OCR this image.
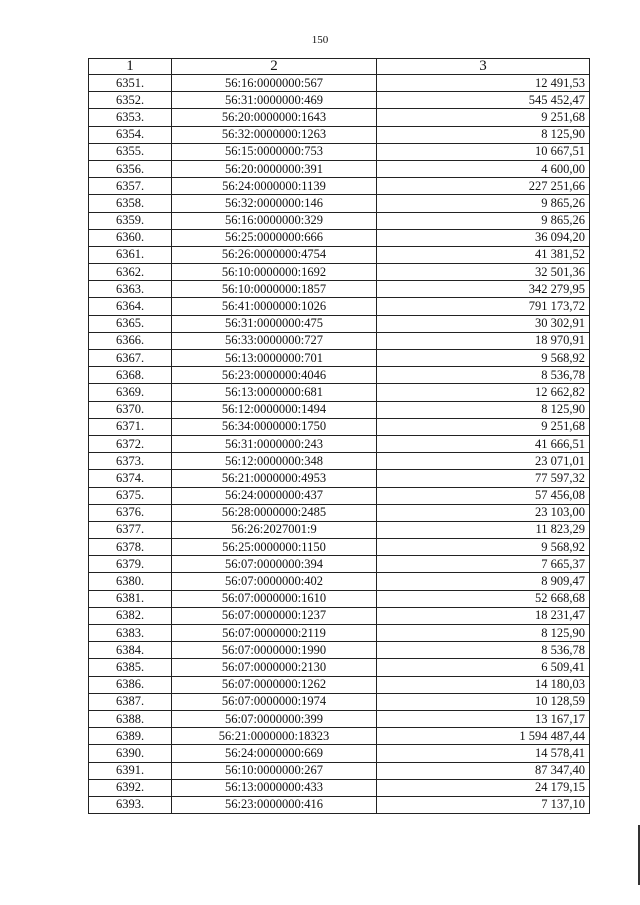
150
1	2	3
6351.	56:16:0000000:567	12 491,53
6352.	56:31:0000000:469	545 452,47
6353.	56:20:0000000:1643	9 251,68
6354.	56:32:0000000:1263	8 125,90
6355.	56:15:0000000:753	10 667,51
6356.	56:20:0000000:391	4 600,00
6357.	56:24:0000000:1139	227 251,66
6358.	56:32:0000000:146	9 865,26
6359.	56:16:0000000:329	9 865,26
6360.	56:25:0000000:666	36 094,20
6361.	56:26:0000000:4754	41 381,52
6362.	56:10:0000000:1692	32 501,36
6363.	56:10:0000000:1857	342 279,95
6364.	56:41:0000000:1026	791 173,72
6365.	56:31:0000000:475	30 302,91
6366.	56:33:0000000:727	18 970,91
6367.	56:13:0000000:701	9 568,92
6368.	56:23:0000000:4046	8 536,78
6369.	56:13:0000000:681	12 662,82
6370.	56:12:0000000:1494	8 125,90
6371.	56:34:0000000:1750	9 251,68
6372.	56:31:0000000:243	41 666,51
6373.	56:12:0000000:348	23 071,01
6374.	56:21:0000000:4953	77 597,32
6375.	56:24:0000000:437	57 456,08
6376.	56:28:0000000:2485	23 103,00
6377.	56:26:2027001:9	11 823,29
6378.	56:25:0000000:1150	9 568,92
6379.	56:07:0000000:394	7 665,37
6380.	56:07:0000000:402	8 909,47
6381.	56:07:0000000:1610	52 668,68
6382.	56:07:0000000:1237	18 231,47
6383.	56:07:0000000:2119	8 125,90
6384.	56:07:0000000:1990	8 536,78
6385.	56:07:0000000:2130	6 509,41
6386.	56:07:0000000:1262	14 180,03
6387.	56:07:0000000:1974	10 128,59
6388.	56:07:0000000:399	13 167,17
6389.	56:21:0000000:18323	1 594 487,44
6390.	56:24:0000000:669	14 578,41
6391.	56:10:0000000:267	87 347,40
6392.	56:13:0000000:433	24 179,15
6393.	56:23:0000000:416	7 137,10
